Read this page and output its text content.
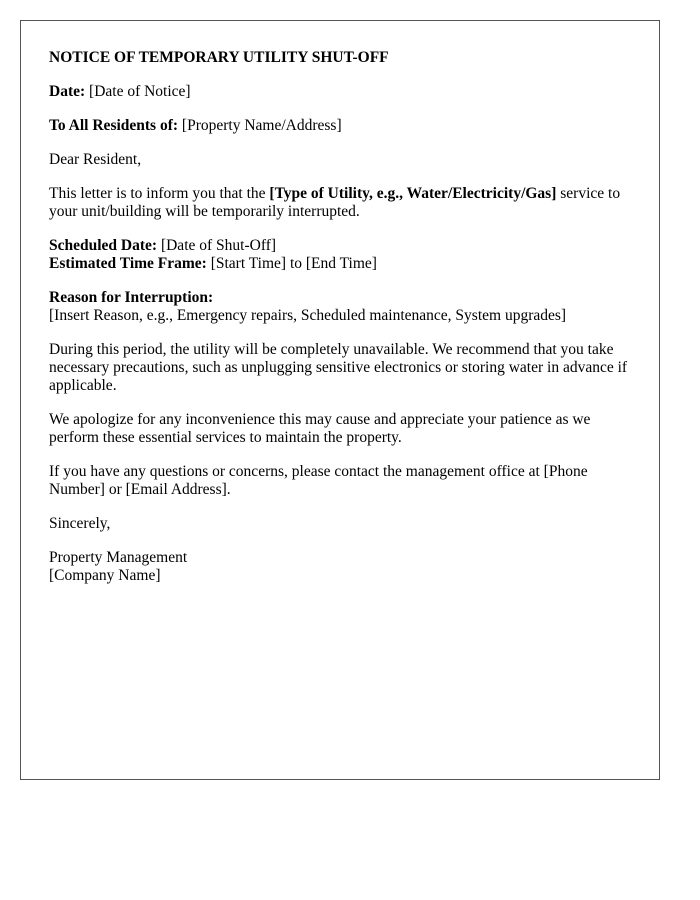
NOTICE OF TEMPORARY UTILITY SHUT-OFF

Date: [Date of Notice]

To All Residents of: [Property Name/Address]

Dear Resident,

This letter is to inform you that the [Type of Utility, e.g., Water/Electricity/Gas] service to your unit/building will be temporarily interrupted.

Scheduled Date: [Date of Shut-Off]
Estimated Time Frame: [Start Time] to [End Time]

Reason for Interruption:
[Insert Reason, e.g., Emergency repairs, Scheduled maintenance, System upgrades]

During this period, the utility will be completely unavailable. We recommend that you take necessary precautions, such as unplugging sensitive electronics or storing water in advance if applicable.

We apologize for any inconvenience this may cause and appreciate your patience as we perform these essential services to maintain the property.

If you have any questions or concerns, please contact the management office at [Phone Number] or [Email Address].

Sincerely,

Property Management
[Company Name]
